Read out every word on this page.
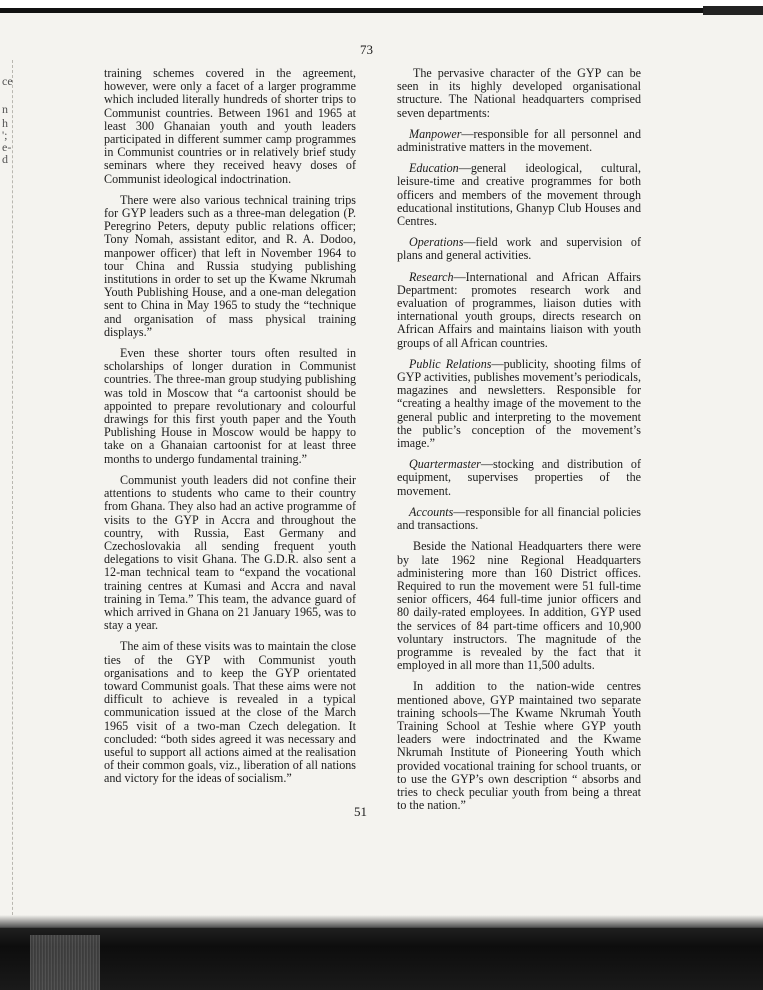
ce
n
h
';
e-
d
73

training schemes covered in the agreement, however, were only a facet of a larger programme which included literally hundreds of shorter trips to Communist countries. Between 1961 and 1965 at least 300 Ghanaian youth and youth leaders participated in different summer camp programmes in Communist countries or in relatively brief study seminars where they received heavy doses of Communist ideological indoctrination.

There were also various technical training trips for GYP leaders such as a three-man delegation (P. Peregrino Peters, deputy public relations officer; Tony Nomah, assistant editor, and R. A. Dodoo, manpower officer) that left in November 1964 to tour China and Russia studying publishing institutions in order to set up the Kwame Nkrumah Youth Publishing House, and a one-man delegation sent to China in May 1965 to study the “technique and organisation of mass physical training displays.”

Even these shorter tours often resulted in scholarships of longer duration in Communist countries. The three-man group studying publishing was told in Moscow that “a cartoonist should be appointed to prepare revolutionary and colourful drawings for this first youth paper and the Youth Publishing House in Moscow would be happy to take on a Ghanaian cartoonist for at least three months to undergo fundamental training.”

Communist youth leaders did not confine their attentions to students who came to their country from Ghana. They also had an active programme of visits to the GYP in Accra and throughout the country, with Russia, East Germany and Czechoslovakia all sending frequent youth delegations to visit Ghana. The G.D.R. also sent a 12-man technical team to “expand the vocational training centres at Kumasi and Accra and naval training in Tema.” This team, the advance guard of which arrived in Ghana on 21 January 1965, was to stay a year.

The aim of these visits was to maintain the close ties of the GYP with Communist youth organisations and to keep the GYP orientated toward Communist goals. That these aims were not difficult to achieve is revealed in a typical communication issued at the close of the March 1965 visit of a two-man Czech delegation. It concluded: “both sides agreed it was necessary and useful to support all actions aimed at the realisation of their common goals, viz., liberation of all nations and victory for the ideas of socialism.”

The pervasive character of the GYP can be seen in its highly developed organisational structure. The National headquarters comprised seven departments:

Manpower—responsible for all personnel and administrative matters in the movement.

Education—general ideological, cultural, leisure-time and creative programmes for both officers and members of the movement through educational institutions, Ghanyp Club Houses and Centres.

Operations—field work and supervision of plans and general activities.

Research—International and African Affairs Department: promotes research work and evaluation of programmes, liaison duties with international youth groups, directs research on African Affairs and maintains liaison with youth groups of all African countries.

Public Relations—publicity, shooting films of GYP activities, publishes movement’s periodicals, magazines and newsletters. Responsible for “creating a healthy image of the movement to the general public and interpreting to the movement the public’s conception of the movement’s image.”

Quartermaster—stocking and distribution of equipment, supervises properties of the movement.

Accounts—responsible for all financial policies and transactions.

Beside the National Headquarters there were by late 1962 nine Regional Headquarters administering more than 160 District offices. Required to run the movement were 51 full-time senior officers, 464 full-time junior officers and 80 daily-rated employees. In addition, GYP used the services of 84 part-time officers and 10,900 voluntary instructors. The magnitude of the programme is revealed by the fact that it employed in all more than 11,500 adults.

In addition to the nation-wide centres mentioned above, GYP maintained two separate training schools—The Kwame Nkrumah Youth Training School at Teshie where GYP youth leaders were indoctrinated and the Kwame Nkrumah Institute of Pioneering Youth which provided vocational training for school truants, or to use the GYP’s own description “ absorbs and tries to check peculiar youth from being a threat to the nation.”

51
